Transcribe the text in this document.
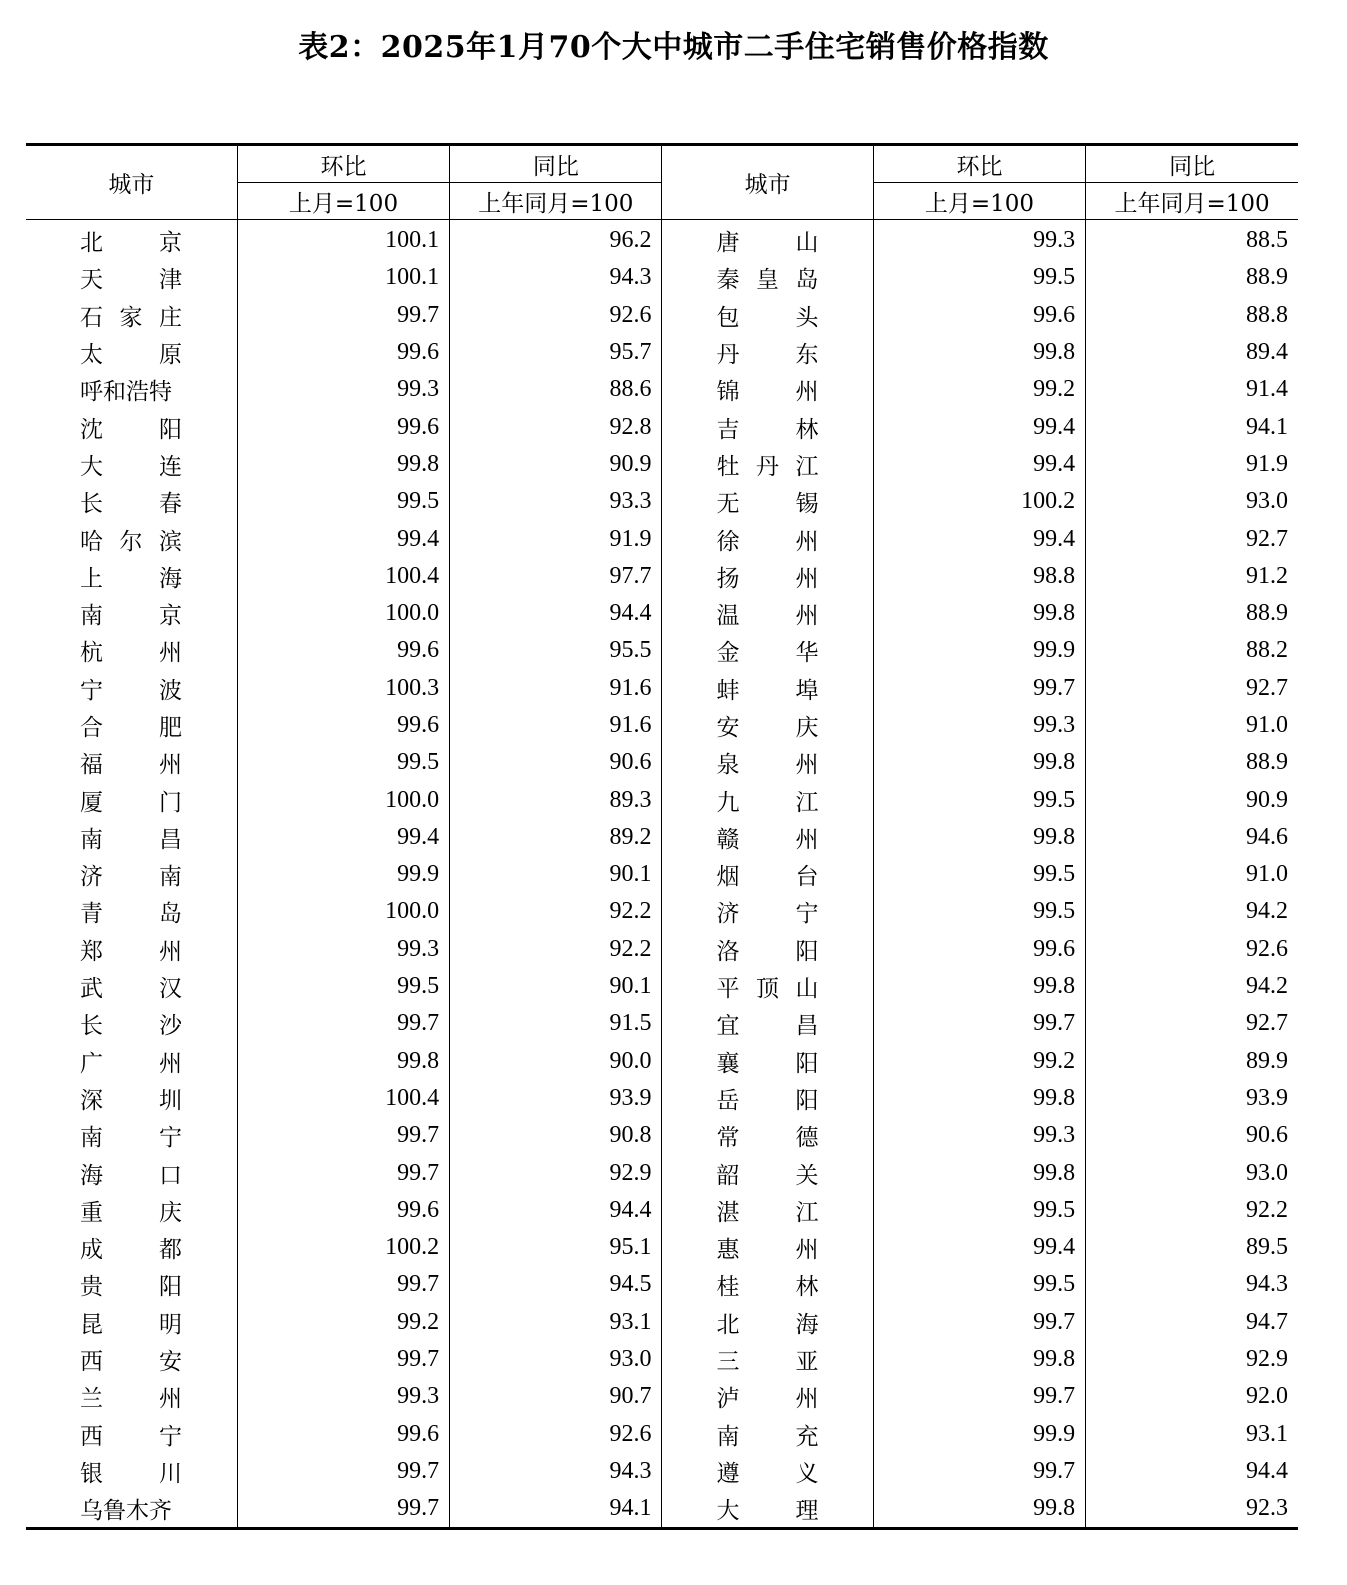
表2：2025年1月70个大中城市二手住宅销售价格指数
城市	环比	同比	城市	环比	同比
	上月=100	上年同月=100		上月=100	上年同月=100

北 京	100.1	96.2	唐 山	99.3	88.5

天 津	100.1	94.3	秦 皇 岛	99.5	88.9

石 家 庄	99.7	92.6	包 头	99.6	88.8

太 原	99.6	95.7	丹 东	99.8	89.4

呼和浩特	99.3	88.6	锦 州	99.2	91.4

沈 阳	99.6	92.8	吉 林	99.4	94.1

大 连	99.8	90.9	牡 丹 江	99.4	91.9

长 春	99.5	93.3	无 锡	100.2	93.0

哈 尔 滨	99.4	91.9	徐 州	99.4	92.7

上 海	100.4	97.7	扬 州	98.8	91.2

南 京	100.0	94.4	温 州	99.8	88.9

杭 州	99.6	95.5	金 华	99.9	88.2

宁 波	100.3	91.6	蚌 埠	99.7	92.7

合 肥	99.6	91.6	安 庆	99.3	91.0

福 州	99.5	90.6	泉 州	99.8	88.9

厦 门	100.0	89.3	九 江	99.5	90.9

南 昌	99.4	89.2	赣 州	99.8	94.6

济 南	99.9	90.1	烟 台	99.5	91.0

青 岛	100.0	92.2	济 宁	99.5	94.2

郑 州	99.3	92.2	洛 阳	99.6	92.6

武 汉	99.5	90.1	平 顶 山	99.8	94.2

长 沙	99.7	91.5	宜 昌	99.7	92.7

广 州	99.8	90.0	襄 阳	99.2	89.9

深 圳	100.4	93.9	岳 阳	99.8	93.9

南 宁	99.7	90.8	常 德	99.3	90.6

海 口	99.7	92.9	韶 关	99.8	93.0

重 庆	99.6	94.4	湛 江	99.5	92.2

成 都	100.2	95.1	惠 州	99.4	89.5

贵 阳	99.7	94.5	桂 林	99.5	94.3

昆 明	99.2	93.1	北 海	99.7	94.7

西 安	99.7	93.0	三 亚	99.8	92.9

兰 州	99.3	90.7	泸 州	99.7	92.0

西 宁	99.6	92.6	南 充	99.9	93.1

银 川	99.7	94.3	遵 义	99.7	94.4

乌鲁木齐	99.7	94.1	大 理	99.8	92.3
